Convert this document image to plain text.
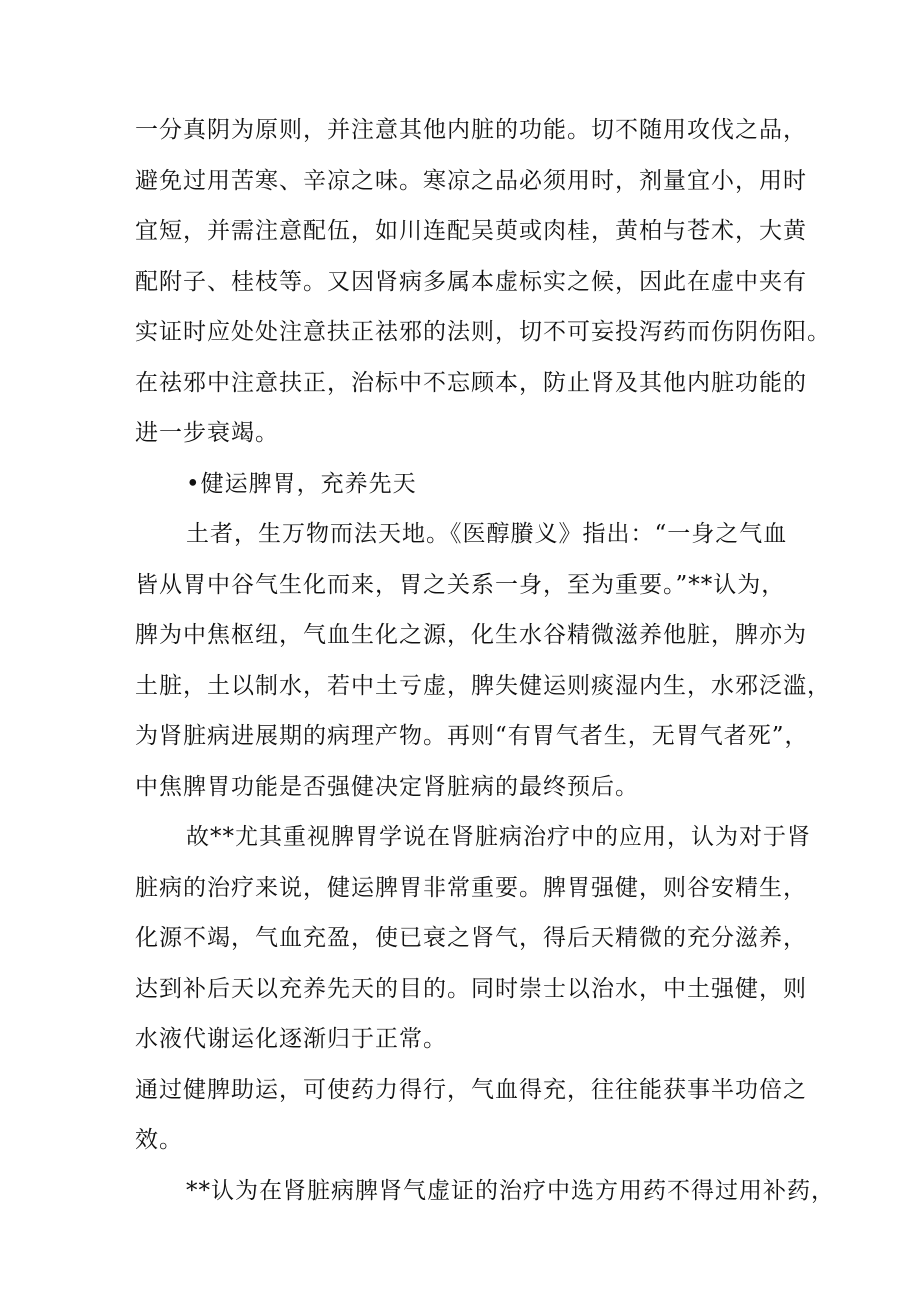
一分真阴为原则，并注意其他内脏的功能。切不随用攻伐之品，
避免过用苦寒、辛凉之味。寒凉之品必须用时，剂量宜小，用时
宜短，并需注意配伍，如川连配吴萸或肉桂，黄柏与苍术，大黄
配附子、桂枝等。又因肾病多属本虚标实之候，因此在虚中夹有
实证时应处处注意扶正祛邪的法则，切不可妄投泻药而伤阴伤阳。
在祛邪中注意扶正，治标中不忘顾本，防止肾及其他内脏功能的
进一步衰竭。
•健运脾胃，充养先天
土者，生万物而法天地。《医醇賸义》指出：“一身之气血
皆从胃中谷气生化而来，胃之关系一身，至为重要。”**认为，
脾为中焦枢纽，气血生化之源，化生水谷精微滋养他脏，脾亦为
土脏，土以制水，若中土亏虚，脾失健运则痰湿内生，水邪泛滥，
为肾脏病进展期的病理产物。再则“有胃气者生，无胃气者死”，
中焦脾胃功能是否强健决定肾脏病的最终预后。
故**尤其重视脾胃学说在肾脏病治疗中的应用，认为对于肾
脏病的治疗来说，健运脾胃非常重要。脾胃强健，则谷安精生，
化源不竭，气血充盈，使已衰之肾气，得后天精微的充分滋养，
达到补后天以充养先天的目的。同时崇士以治水，中土强健，则
水液代谢运化逐渐归于正常。
通过健脾助运，可使药力得行，气血得充，往往能获事半功倍之
效。
**认为在肾脏病脾肾气虚证的治疗中选方用药不得过用补药，
